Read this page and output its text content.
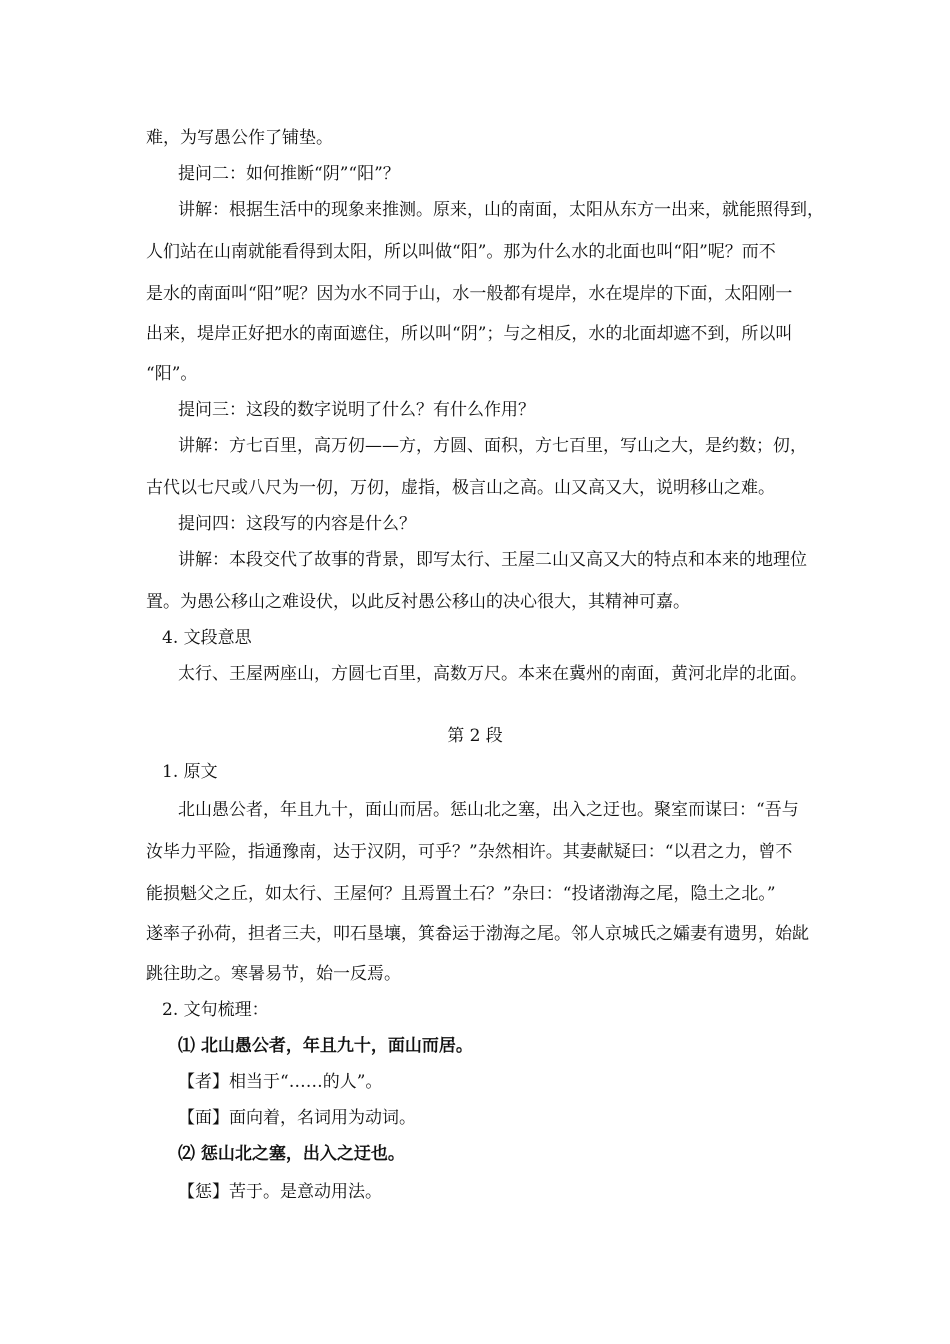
难，为写愚公作了铺垫。
提问二：如何推断“阴”“阳”？
讲解：根据生活中的现象来推测。原来，山的南面，太阳从东方一出来，就能照得到，
人们站在山南就能看得到太阳，所以叫做“阳”。那为什么水的北面也叫“阳”呢？而不
是水的南面叫“阳”呢？因为水不同于山，水一般都有堤岸，水在堤岸的下面，太阳刚一
出来，堤岸正好把水的南面遮住，所以叫“阴”；与之相反，水的北面却遮不到，所以叫
“阳”。
提问三：这段的数字说明了什么？有什么作用？
讲解：方七百里，高万仞——方，方圆、面积，方七百里，写山之大，是约数；仞，
古代以七尺或八尺为一仞，万仞，虚指，极言山之高。山又高又大，说明移山之难。
提问四：这段写的内容是什么？
讲解：本段交代了故事的背景，即写太行、王屋二山又高又大的特点和本来的地理位
置。为愚公移山之难设伏，以此反衬愚公移山的决心很大，其精神可嘉。
4. 文段意思
太行、王屋两座山，方圆七百里，高数万尺。本来在冀州的南面，黄河北岸的北面。
第 2 段
1. 原文
北山愚公者，年且九十，面山而居。惩山北之塞，出入之迂也。聚室而谋曰：“吾与
汝毕力平险，指通豫南，达于汉阴，可乎？”杂然相许。其妻献疑曰：“以君之力，曾不
能损魁父之丘，如太行、王屋何？且焉置土石？”杂曰：“投诸渤海之尾，隐土之北。”
遂率子孙荷，担者三夫，叩石垦壤，箕畚运于渤海之尾。邻人京城氏之孀妻有遗男，始龀
跳往助之。寒暑易节，始一反焉。
2. 文句梳理：
⑴ 北山愚公者，年且九十，面山而居。
【者】相当于“……的人”。
【面】面向着，名词用为动词。
⑵ 惩山北之塞，出入之迂也。
【惩】苦于。是意动用法。
